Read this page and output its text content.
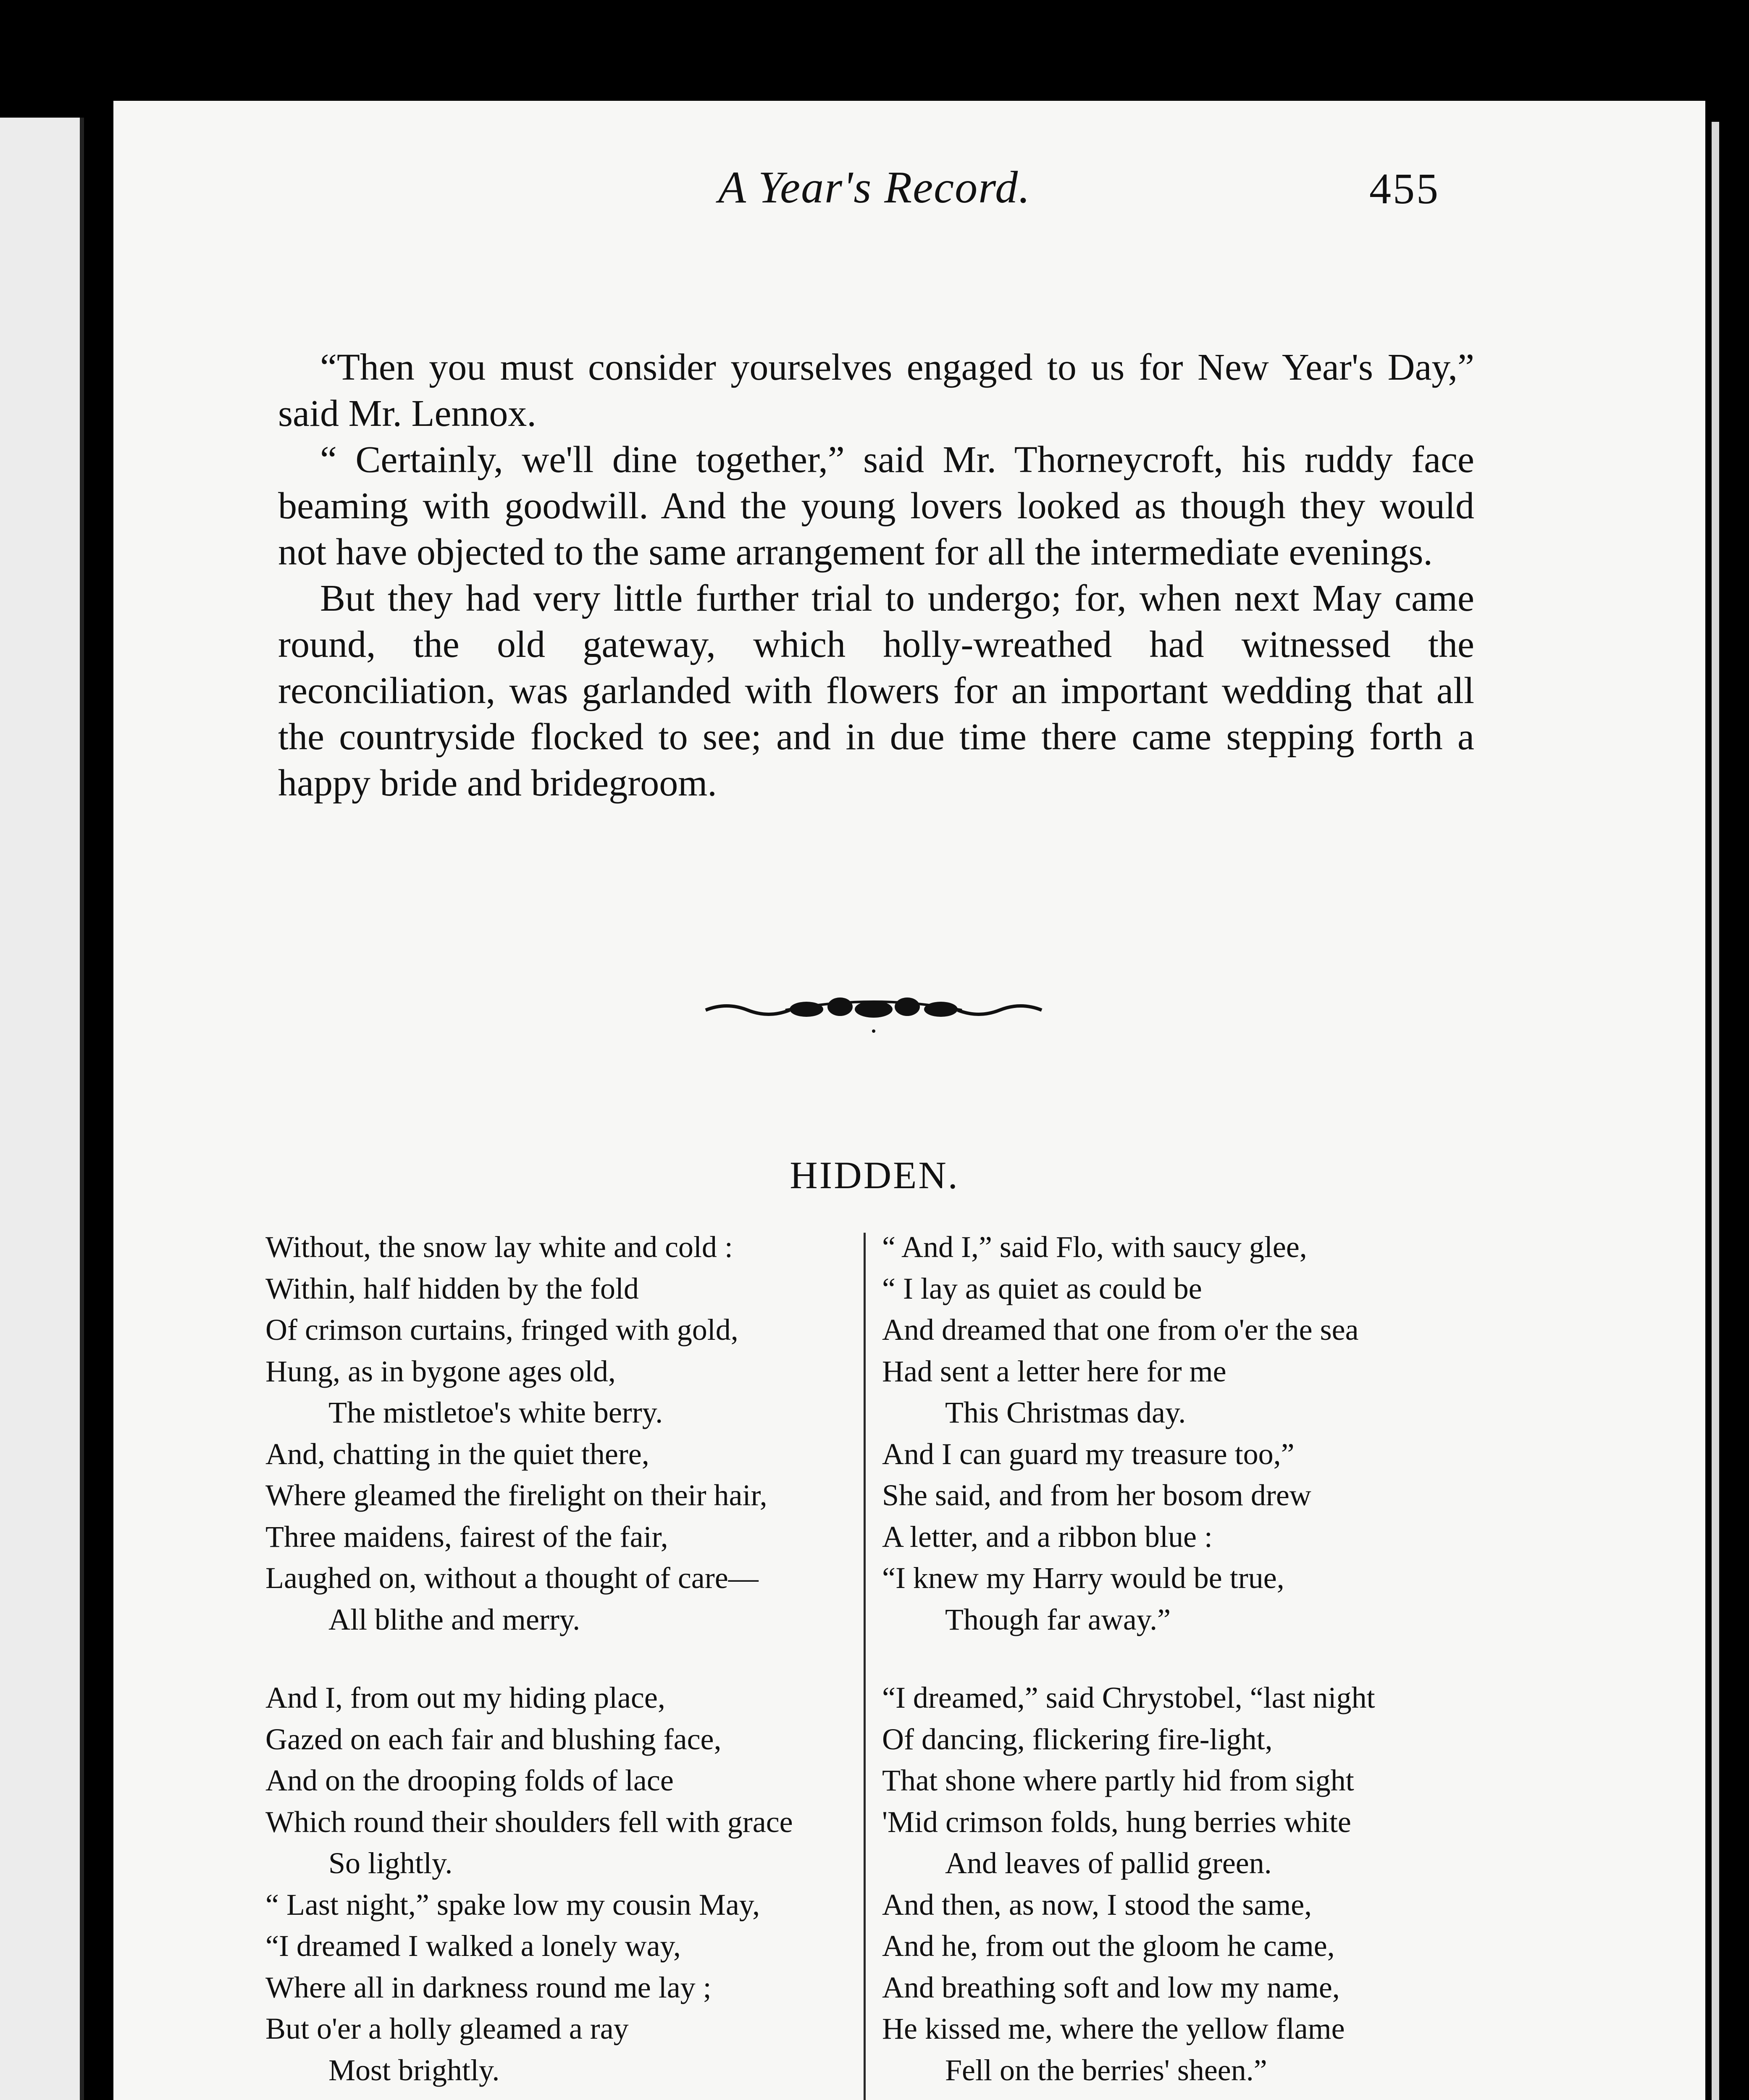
A Year's Record.	455

“Then you must consider yourselves engaged to us for New Year's Day,” said Mr. Lennox.

“ Certainly, we'll dine together,” said Mr. Thorneycroft, his ruddy face beaming with goodwill. And the young lovers looked as though they would not have objected to the same arrangement for all the intermediate evenings.

But they had very little further trial to undergo; for, when next May came round, the old gateway, which holly-wreathed had witnessed the reconciliation, was garlanded with flowers for an important wedding that all the countryside flocked to see; and in due time there came stepping forth a happy bride and bridegroom.

HIDDEN.
Without, the snow lay white and cold :
Within, half hidden by the fold
Of crimson curtains, fringed with gold,
Hung, as in bygone ages old,
The mistletoe's white berry.
And, chatting in the quiet there,
Where gleamed the firelight on their hair,
Three maidens, fairest of the fair,
Laughed on, without a thought of care—
All blithe and merry.
And I, from out my hiding place,
Gazed on each fair and blushing face,
And on the drooping folds of lace
Which round their shoulders fell with grace
So lightly.
“ Last night,” spake low my cousin May,
“I dreamed I walked a lonely way,
Where all in darkness round me lay ;
But o'er a holly gleamed a ray
Most brightly.
“ And I,” said Flo, with saucy glee,
“ I lay as quiet as could be
And dreamed that one from o'er the sea
Had sent a letter here for me
This Christmas day.
And I can guard my treasure too,”
She said, and from her bosom drew
A letter, and a ribbon blue :
“I knew my Harry would be true,
Though far away.”
“I dreamed,” said Chrystobel, “last night
Of dancing, flickering fire-light,
That shone where partly hid from sight
'Mid crimson folds, hung berries white
And leaves of pallid green.
And then, as now, I stood the same,
And he, from out the gloom he came,
And breathing soft and low my name,
He kissed me, where the yellow flame
Fell on the berries' sheen.”
